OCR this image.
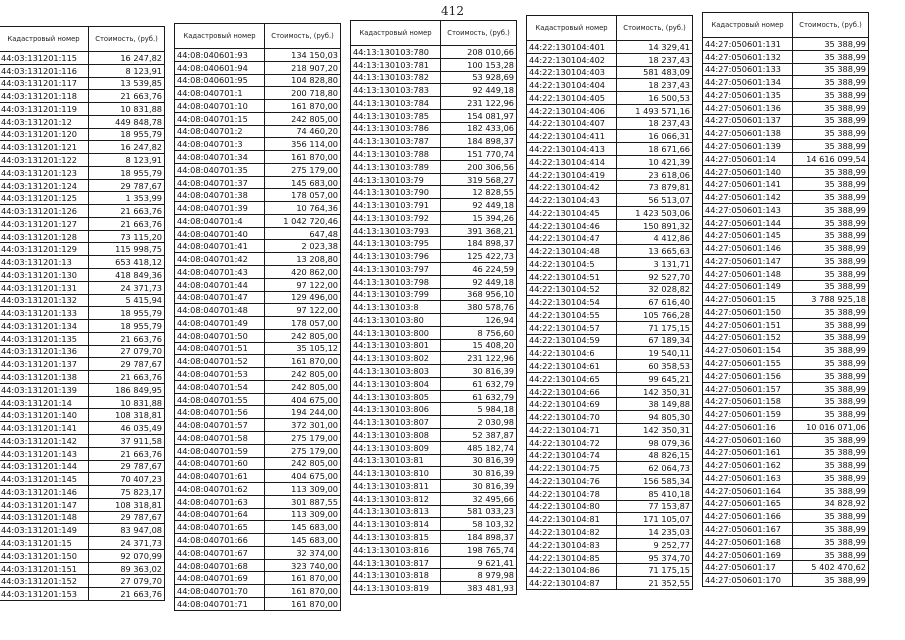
412
Кадастровый номер	Стоимость, (руб.)
44:03:131201:115	16 247,82
44:03:131201:116	8 123,91
44:03:131201:117	13 539,85
44:03:131201:118	21 663,76
44:03:131201:119	10 831,88
44:03:131201:12	449 848,78
44:03:131201:120	18 955,79
44:03:131201:121	16 247,82
44:03:131201:122	8 123,91
44:03:131201:123	18 955,79
44:03:131201:124	29 787,67
44:03:131201:125	1 353,99
44:03:131201:126	21 663,76
44:03:131201:127	21 663,76
44:03:131201:128	73 115,20
44:03:131201:129	115 998,75
44:03:131201:13	653 418,12
44:03:131201:130	418 849,36
44:03:131201:131	24 371,73
44:03:131201:132	5 415,94
44:03:131201:133	18 955,79
44:03:131201:134	18 955,79
44:03:131201:135	21 663,76
44:03:131201:136	27 079,70
44:03:131201:137	29 787,67
44:03:131201:138	21 663,76
44:03:131201:139	186 849,95
44:03:131201:14	10 831,88
44:03:131201:140	108 318,81
44:03:131201:141	46 035,49
44:03:131201:142	37 911,58
44:03:131201:143	21 663,76
44:03:131201:144	29 787,67
44:03:131201:145	70 407,23
44:03:131201:146	75 823,17
44:03:131201:147	108 318,81
44:03:131201:148	29 787,67
44:03:131201:149	83 947,08
44:03:131201:15	24 371,73
44:03:131201:150	92 070,99
44:03:131201:151	89 363,02
44:03:131201:152	27 079,70
44:03:131201:153	21 663,76
Кадастровый номер	Стоимость, (руб.)
44:08:040601:93	134 150,03
44:08:040601:94	218 907,20
44:08:040601:95	104 828,80
44:08:040701:1	200 718,80
44:08:040701:10	161 870,00
44:08:040701:15	242 805,00
44:08:040701:2	74 460,20
44:08:040701:3	356 114,00
44:08:040701:34	161 870,00
44:08:040701:35	275 179,00
44:08:040701:37	145 683,00
44:08:040701:38	178 057,00
44:08:040701:39	10 764,36
44:08:040701:4	1 042 720,46
44:08:040701:40	647,48
44:08:040701:41	2 023,38
44:08:040701:42	13 208,80
44:08:040701:43	420 862,00
44:08:040701:44	97 122,00
44:08:040701:47	129 496,00
44:08:040701:48	97 122,00
44:08:040701:49	178 057,00
44:08:040701:50	242 805,00
44:08:040701:51	35 105,12
44:08:040701:52	161 870,00
44:08:040701:53	242 805,00
44:08:040701:54	242 805,00
44:08:040701:55	404 675,00
44:08:040701:56	194 244,00
44:08:040701:57	372 301,00
44:08:040701:58	275 179,00
44:08:040701:59	275 179,00
44:08:040701:60	242 805,00
44:08:040701:61	404 675,00
44:08:040701:62	113 309,00
44:08:040701:63	301 887,55
44:08:040701:64	113 309,00
44:08:040701:65	145 683,00
44:08:040701:66	145 683,00
44:08:040701:67	32 374,00
44:08:040701:68	323 740,00
44:08:040701:69	161 870,00
44:08:040701:70	161 870,00
44:08:040701:71	161 870,00
Кадастровый номер	Стоимость, (руб.)
44:13:130103:780	208 010,66
44:13:130103:781	100 153,28
44:13:130103:782	53 928,69
44:13:130103:783	92 449,18
44:13:130103:784	231 122,96
44:13:130103:785	154 081,97
44:13:130103:786	182 433,06
44:13:130103:787	184 898,37
44:13:130103:788	151 770,74
44:13:130103:789	200 306,56
44:13:130103:79	319 568,27
44:13:130103:790	12 828,55
44:13:130103:791	92 449,18
44:13:130103:792	15 394,26
44:13:130103:793	391 368,21
44:13:130103:795	184 898,37
44:13:130103:796	125 422,73
44:13:130103:797	46 224,59
44:13:130103:798	92 449,18
44:13:130103:799	368 956,10
44:13:130103:8	380 578,76
44:13:130103:80	126,94
44:13:130103:800	8 756,60
44:13:130103:801	15 408,20
44:13:130103:802	231 122,96
44:13:130103:803	30 816,39
44:13:130103:804	61 632,79
44:13:130103:805	61 632,79
44:13:130103:806	5 984,18
44:13:130103:807	2 030,98
44:13:130103:808	52 387,87
44:13:130103:809	485 182,74
44:13:130103:81	30 816,39
44:13:130103:810	30 816,39
44:13:130103:811	30 816,39
44:13:130103:812	32 495,66
44:13:130103:813	581 033,23
44:13:130103:814	58 103,32
44:13:130103:815	184 898,37
44:13:130103:816	198 765,74
44:13:130103:817	9 621,41
44:13:130103:818	8 979,98
44:13:130103:819	383 481,93
Кадастровый номер	Стоимость, (руб.)
44:22:130104:401	14 329,41
44:22:130104:402	18 237,43
44:22:130104:403	581 483,09
44:22:130104:404	18 237,43
44:22:130104:405	16 500,53
44:22:130104:406	1 493 571,16
44:22:130104:407	18 237,43
44:22:130104:411	16 066,31
44:22:130104:413	18 671,66
44:22:130104:414	10 421,39
44:22:130104:419	23 618,06
44:22:130104:42	73 879,81
44:22:130104:43	56 513,07
44:22:130104:45	1 423 503,06
44:22:130104:46	150 891,32
44:22:130104:47	4 412,86
44:22:130104:48	13 665,63
44:22:130104:5	3 131,71
44:22:130104:51	92 527,70
44:22:130104:52	32 028,82
44:22:130104:54	67 616,40
44:22:130104:55	105 766,28
44:22:130104:57	71 175,15
44:22:130104:59	67 189,34
44:22:130104:6	19 540,11
44:22:130104:61	60 358,53
44:22:130104:65	99 645,21
44:22:130104:66	142 350,31
44:22:130104:69	38 149,88
44:22:130104:70	94 805,30
44:22:130104:71	142 350,31
44:22:130104:72	98 079,36
44:22:130104:74	48 826,15
44:22:130104:75	62 064,73
44:22:130104:76	156 585,34
44:22:130104:78	85 410,18
44:22:130104:80	77 153,87
44:22:130104:81	171 105,07
44:22:130104:82	14 235,03
44:22:130104:83	9 252,77
44:22:130104:85	95 374,70
44:22:130104:86	71 175,15
44:22:130104:87	21 352,55
Кадастровый номер	Стоимость, (руб.)
44:27:050601:131	35 388,99
44:27:050601:132	35 388,99
44:27:050601:133	35 388,99
44:27:050601:134	35 388,99
44:27:050601:135	35 388,99
44:27:050601:136	35 388,99
44:27:050601:137	35 388,99
44:27:050601:138	35 388,99
44:27:050601:139	35 388,99
44:27:050601:14	14 616 099,54
44:27:050601:140	35 388,99
44:27:050601:141	35 388,99
44:27:050601:142	35 388,99
44:27:050601:143	35 388,99
44:27:050601:144	35 388,99
44:27:050601:145	35 388,99
44:27:050601:146	35 388,99
44:27:050601:147	35 388,99
44:27:050601:148	35 388,99
44:27:050601:149	35 388,99
44:27:050601:15	3 788 925,18
44:27:050601:150	35 388,99
44:27:050601:151	35 388,99
44:27:050601:152	35 388,99
44:27:050601:154	35 388,99
44:27:050601:155	35 388,99
44:27:050601:156	35 388,99
44:27:050601:157	35 388,99
44:27:050601:158	35 388,99
44:27:050601:159	35 388,99
44:27:050601:16	10 016 071,06
44:27:050601:160	35 388,99
44:27:050601:161	35 388,99
44:27:050601:162	35 388,99
44:27:050601:163	35 388,99
44:27:050601:164	35 388,99
44:27:050601:165	34 828,92
44:27:050601:166	35 388,99
44:27:050601:167	35 388,99
44:27:050601:168	35 388,99
44:27:050601:169	35 388,99
44:27:050601:17	5 402 470,62
44:27:050601:170	35 388,99
